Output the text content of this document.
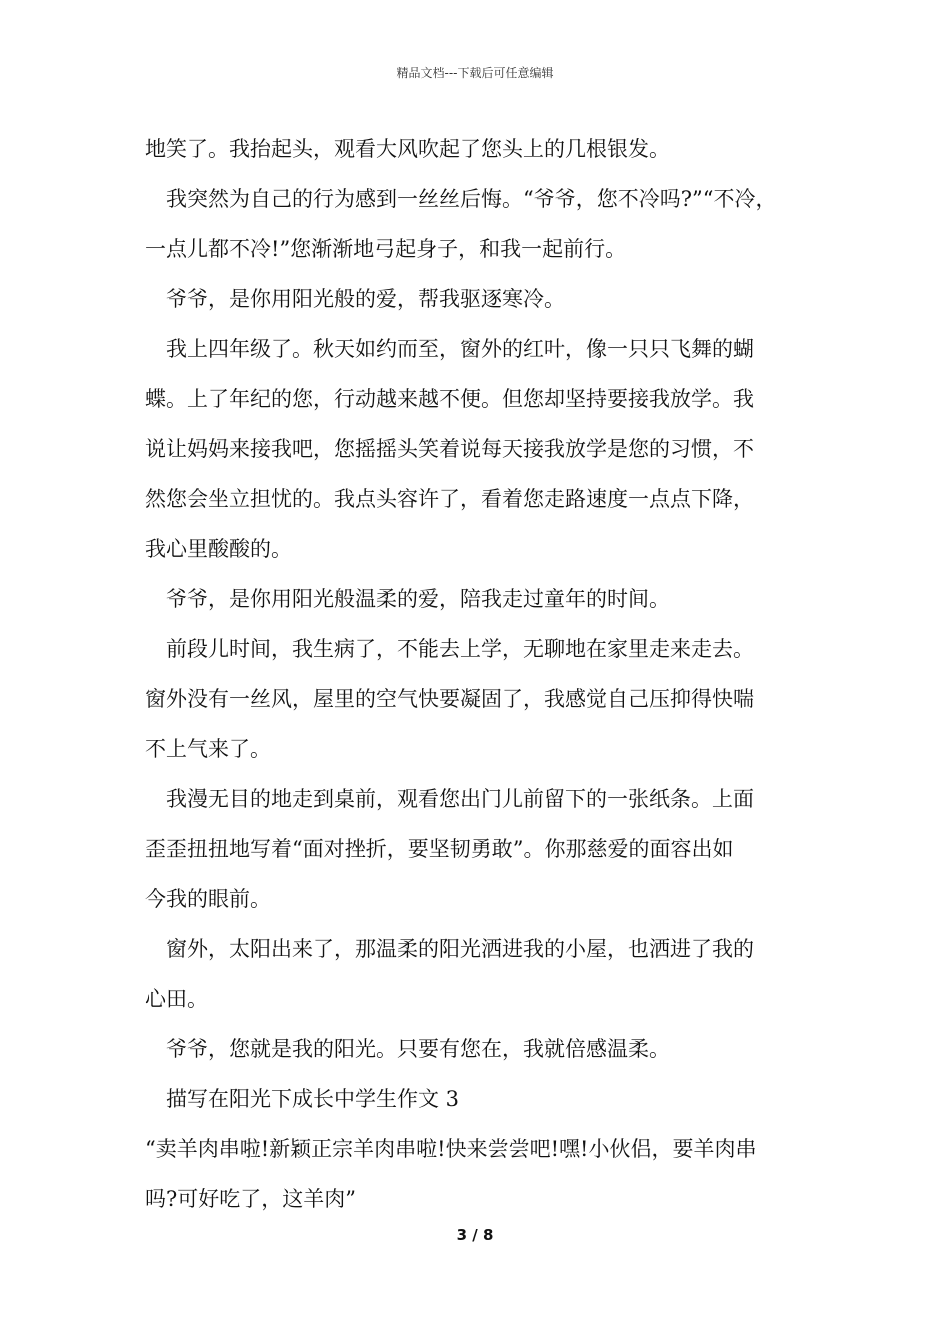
精品文档---下载后可任意编辑
地笑了。我抬起头，观看大风吹起了您头上的几根银发。
我突然为自己的行为感到一丝丝后悔。“爷爷，您不冷吗?”“不冷，
一点儿都不冷!”您渐渐地弓起身子，和我一起前行。
爷爷，是你用阳光般的爱，帮我驱逐寒冷。
我上四年级了。秋天如约而至，窗外的红叶，像一只只飞舞的蝴
蝶。上了年纪的您，行动越来越不便。但您却坚持要接我放学。我
说让妈妈来接我吧，您摇摇头笑着说每天接我放学是您的习惯，不
然您会坐立担忧的。我点头容许了，看着您走路速度一点点下降，
我心里酸酸的。
爷爷，是你用阳光般温柔的爱，陪我走过童年的时间。
前段儿时间，我生病了，不能去上学，无聊地在家里走来走去。
窗外没有一丝风，屋里的空气快要凝固了，我感觉自己压抑得快喘
不上气来了。
我漫无目的地走到桌前，观看您出门儿前留下的一张纸条。上面
歪歪扭扭地写着“面对挫折，要坚韧勇敢”。你那慈爱的面容出如
今我的眼前。
窗外，太阳出来了，那温柔的阳光洒进我的小屋，也洒进了我的
心田。
爷爷，您就是我的阳光。只要有您在，我就倍感温柔。
描写在阳光下成长中学生作文 3
“卖羊肉串啦!新颖正宗羊肉串啦!快来尝尝吧!嘿!小伙侣，要羊肉串
吗?可好吃了，这羊肉”
3 / 8
